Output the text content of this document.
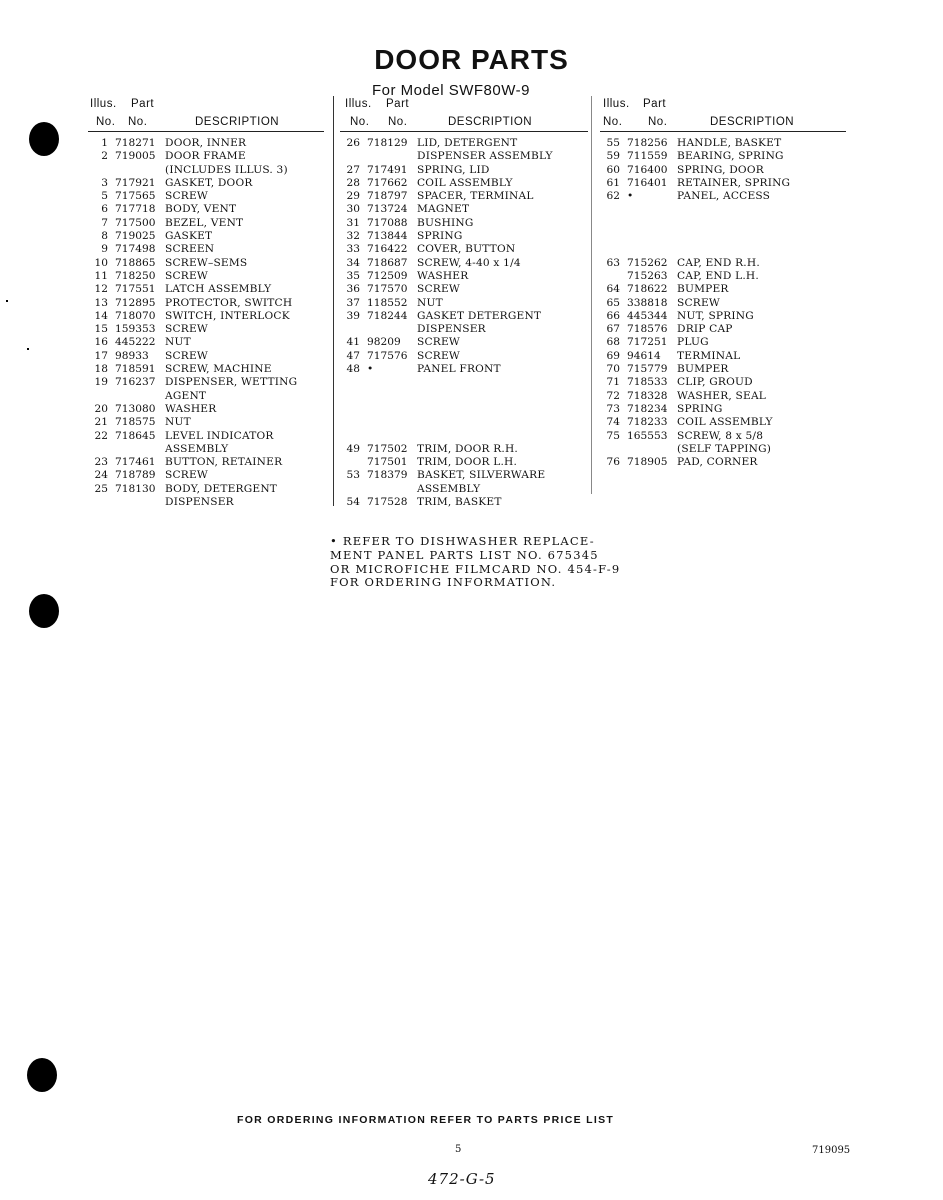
DOOR PARTS
For Model SWF80W-9
Illus. Part
No. No.	DESCRIPTION
1 718271 DOOR, INNER
2 719005 DOOR FRAME
(INCLUDES ILLUS. 3)
3 717921 GASKET, DOOR
5 717565 SCREW
6 717718 BODY, VENT
7 717500 BEZEL, VENT
8 719025 GASKET
9 717498 SCREEN
10 718865 SCREW–SEMS
11 718250 SCREW
12 717551 LATCH ASSEMBLY
13 712895 PROTECTOR, SWITCH
14 718070 SWITCH, INTERLOCK
15 159353 SCREW
16 445222 NUT
17 98933 SCREW
18 718591 SCREW, MACHINE
19 716237 DISPENSER, WETTING
AGENT
20 713080 WASHER
21 718575 NUT
22 718645 LEVEL INDICATOR
ASSEMBLY
23 717461 BUTTON, RETAINER
24 718789 SCREW
25 718130 BODY, DETERGENT
DISPENSER
Illus. Part
No. No.	DESCRIPTION
26 718129 LID, DETERGENT
DISPENSER ASSEMBLY
27 717491 SPRING, LID
28 717662 COIL ASSEMBLY
29 718797 SPACER, TERMINAL
30 713724 MAGNET
31 717088 BUSHING
32 713844 SPRING
33 716422 COVER, BUTTON
34 718687 SCREW, 4-40 x 1/4
35 712509 WASHER
36 717570 SCREW
37 118552 NUT
39 718244 GASKET DETERGENT
DISPENSER
41 98209 SCREW
47 717576 SCREW
48 •	PANEL FRONT
49 717502 TRIM, DOOR R.H.
717501 TRIM, DOOR L.H.
53 718379 BASKET, SILVERWARE
ASSEMBLY
54 717528 TRIM, BASKET
Illus. Part
No. No.	DESCRIPTION
55 718256 HANDLE, BASKET
59 711559 BEARING, SPRING
60 716400 SPRING, DOOR
61 716401 RETAINER, SPRING
62 •	PANEL, ACCESS
63 715262 CAP, END R.H.
715263 CAP, END L.H.
64 718622 BUMPER
65 338818 SCREW
66 445344 NUT, SPRING
67 718576 DRIP CAP
68 717251 PLUG
69 94614 TERMINAL
70 715779 BUMPER
71 718533 CLIP, GROUD
72 718328 WASHER, SEAL
73 718234 SPRING
74 718233 COIL ASSEMBLY
75 165553 SCREW, 8 x 5/8
(SELF TAPPING)
76 718905 PAD, CORNER
• REFER TO DISHWASHER REPLACE-
MENT PANEL PARTS LIST NO. 675345
OR MICROFICHE FILMCARD NO. 454-F-9
FOR ORDERING INFORMATION.
FOR ORDERING INFORMATION REFER TO PARTS PRICE LIST
5	719095
472-G-5
